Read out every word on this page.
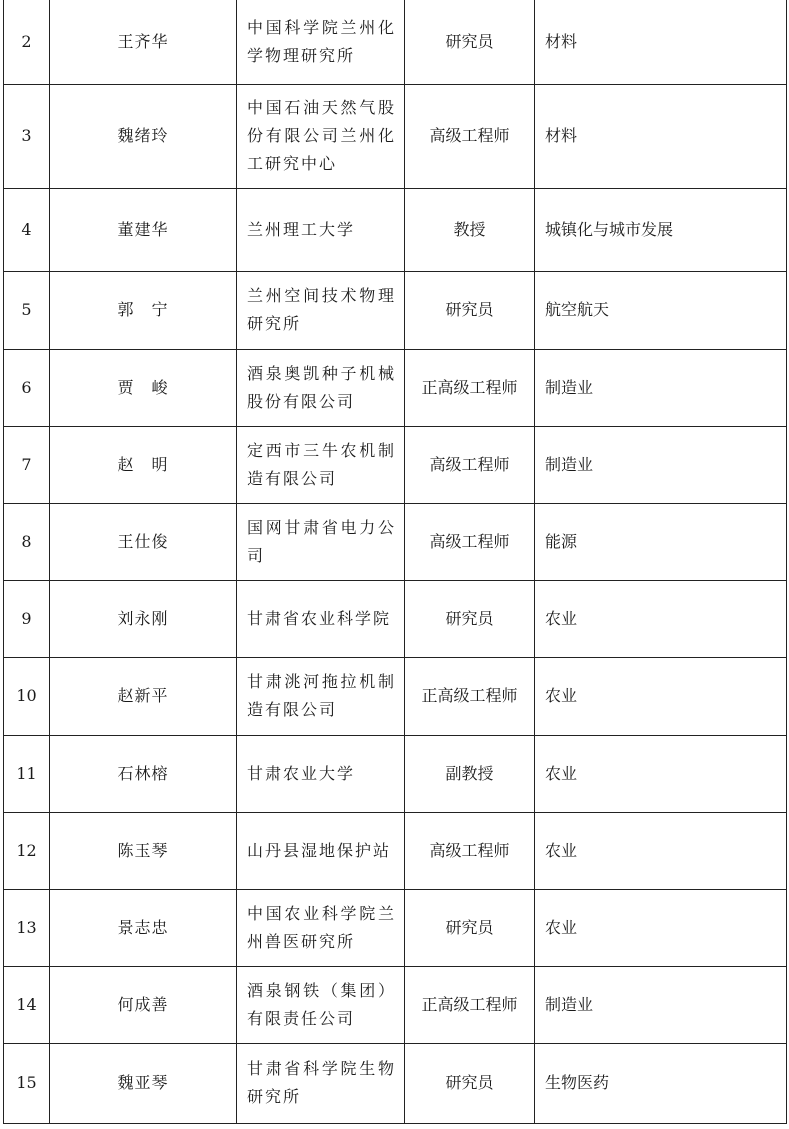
2	王齐华	中国科学院兰州化学物理研究所	研究员	材料
3	魏绪玲	中国石油天然气股份有限公司兰州化工研究中心	高级工程师	材料
4	董建华	兰州理工大学	教授	城镇化与城市发展
5	郭　宁	兰州空间技术物理研究所	研究员	航空航天
6	贾　峻	酒泉奥凯种子机械股份有限公司	正高级工程师	制造业
7	赵　明	定西市三牛农机制造有限公司	高级工程师	制造业
8	王仕俊	国网甘肃省电力公司	高级工程师	能源
9	刘永刚	甘肃省农业科学院	研究员	农业
10	赵新平	甘肃洮河拖拉机制造有限公司	正高级工程师	农业
11	石林榕	甘肃农业大学	副教授	农业
12	陈玉琴	山丹县湿地保护站	高级工程师	农业
13	景志忠	中国农业科学院兰州兽医研究所	研究员	农业
14	何成善	酒泉钢铁（集团）有限责任公司	正高级工程师	制造业
15	魏亚琴	甘肃省科学院生物研究所	研究员	生物医药
